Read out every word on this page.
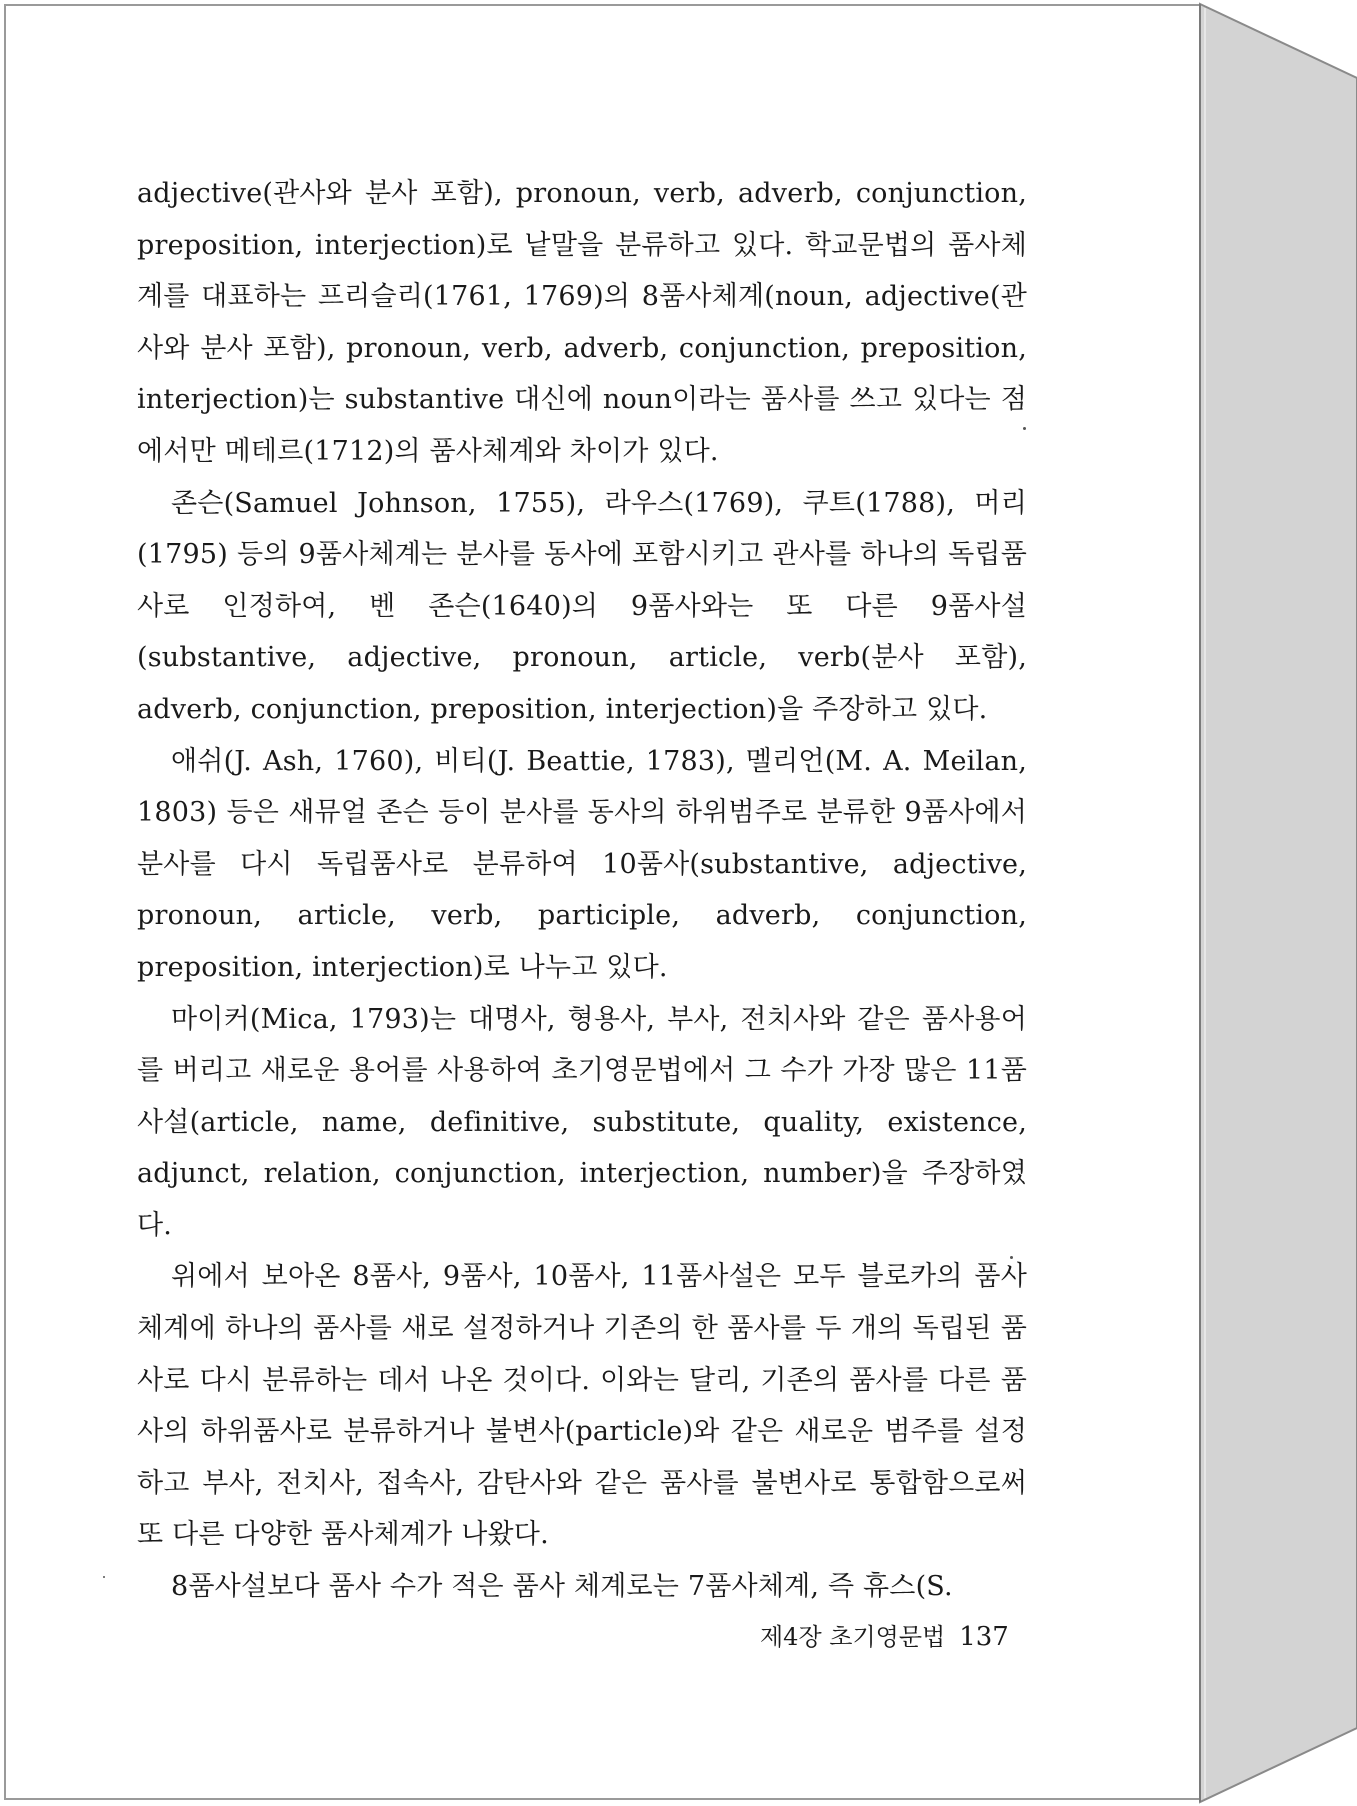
adjective(관사와 분사 포함), pronoun, verb, adverb, conjunction, preposition, interjection)로 낱말을 분류하고 있다. 학교문법의 품사체계를 대표하는 프리슬리(1761, 1769)의 8품사체계(noun, adjective(관사와 분사 포함), pronoun, verb, adverb, conjunction, preposition, interjection)는 substantive 대신에 noun이라는 품사를 쓰고 있다는 점에서만 메테르(1712)의 품사체계와 차이가 있다.

존슨(Samuel Johnson, 1755), 라우스(1769), 쿠트(1788), 머리(1795) 등의 9품사체계는 분사를 동사에 포함시키고 관사를 하나의 독립품사로 인정하여, 벤 존슨(1640)의 9품사와는 또 다른 9품사설(substantive, adjective, pronoun, article, verb(분사 포함), adverb, conjunction, preposition, interjection)을 주장하고 있다.

애쉬(J. Ash, 1760), 비티(J. Beattie, 1783), 멜리언(M. A. Meilan, 1803) 등은 새뮤얼 존슨 등이 분사를 동사의 하위범주로 분류한 9품사에서 분사를 다시 독립품사로 분류하여 10품사(substantive, adjective, pronoun, article, verb, participle, adverb, conjunction, preposition, interjection)로 나누고 있다.

마이커(Mica, 1793)는 대명사, 형용사, 부사, 전치사와 같은 품사용어를 버리고 새로운 용어를 사용하여 초기영문법에서 그 수가 가장 많은 11품사설(article, name, definitive, substitute, quality, existence, adjunct, relation, conjunction, interjection, number)을 주장하였다.

위에서 보아온 8품사, 9품사, 10품사, 11품사설은 모두 블로카의 품사체계에 하나의 품사를 새로 설정하거나 기존의 한 품사를 두 개의 독립된 품사로 다시 분류하는 데서 나온 것이다. 이와는 달리, 기존의 품사를 다른 품사의 하위품사로 분류하거나 불변사(particle)와 같은 새로운 범주를 설정하고 부사, 전치사, 접속사, 감탄사와 같은 품사를 불변사로 통합함으로써 또 다른 다양한 품사체계가 나왔다.

8품사설보다 품사 수가 적은 품사 체계로는 7품사체계, 즉 휴스(S.

제4장 초기영문법 137
